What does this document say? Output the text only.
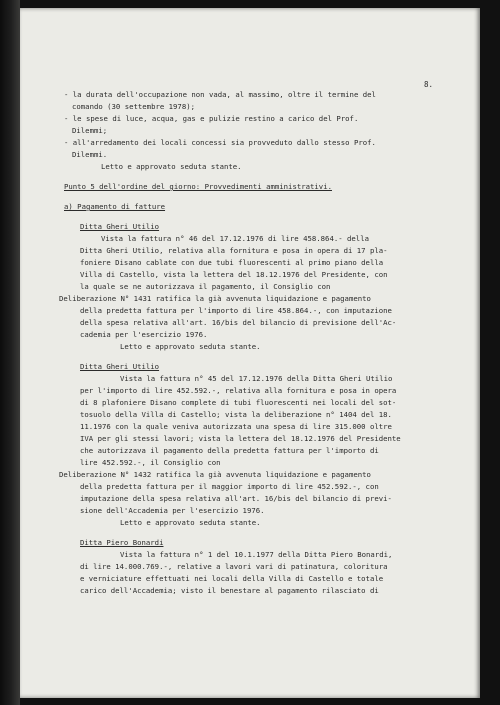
8.
- la durata dell'occupazione non vada, al massimo, oltre il termine del
comando (30 settembre 1978);
- le spese di luce, acqua, gas e pulizie restino a carico del Prof.
Dilemmi;
- all'arredamento dei locali concessi sia provveduto dallo stesso Prof.
Dilemmi.
Letto e approvato seduta stante.
Punto 5 dell'ordine del giorno: Provvedimenti amministrativi.
a) Pagamento di fatture
Ditta Gheri Utilio
Vista la fattura n° 46 del 17.12.1976 di lire 458.864.- della
Ditta Gheri Utilio, relativa alla fornitura e posa in opera di 17 pla-
foniere Disano cablate con due tubi fluorescenti al primo piano della
Villa di Castello, vista la lettera del 18.12.1976 del Presidente, con
la quale se ne autorizzava il pagamento, il Consiglio con
Deliberazione N° 1431 ratifica la già avvenuta liquidazione e pagamento
della predetta fattura per l'importo di lire 458.864.-, con imputazione
della spesa relativa all'art. 16/bis del bilancio di previsione dell'Ac-
cademia per l'esercizio 1976.
Letto e approvato seduta stante.
Ditta Gheri Utilio
Vista la fattura n° 45 del 17.12.1976 della Ditta Gheri Utilio
per l'importo di lire 452.592.-, relativa alla fornitura e posa in opera
di 8 plafoniere Disano complete di tubi fluorescenti nei locali del sot-
tosuolo della Villa di Castello; vista la deliberazione n° 1404 del 18.
11.1976 con la quale veniva autorizzata una spesa di lire 315.000 oltre
IVA per gli stessi lavori; vista la lettera del 18.12.1976 del Presidente
che autorizzava il pagamento della predetta fattura per l'importo di
lire 452.592.-, il Consiglio con
Deliberazione N° 1432 ratifica la già avvenuta liquidazione e pagamento
della predetta fattura per il maggior importo di lire 452.592.-, con
imputazione della spesa relativa all'art. 16/bis del bilancio di previ-
sione dell'Accademia per l'esercizio 1976.
Letto e approvato seduta stante.
Ditta Piero Bonardi
Vista la fattura n° 1 del 10.1.1977 della Ditta Piero Bonardi,
di lire 14.000.769.-, relative a lavori vari di patinatura, coloritura
e verniciature effettuati nei locali della Villa di Castello e totale
carico dell'Accademia; visto il benestare al pagamento rilasciato di
